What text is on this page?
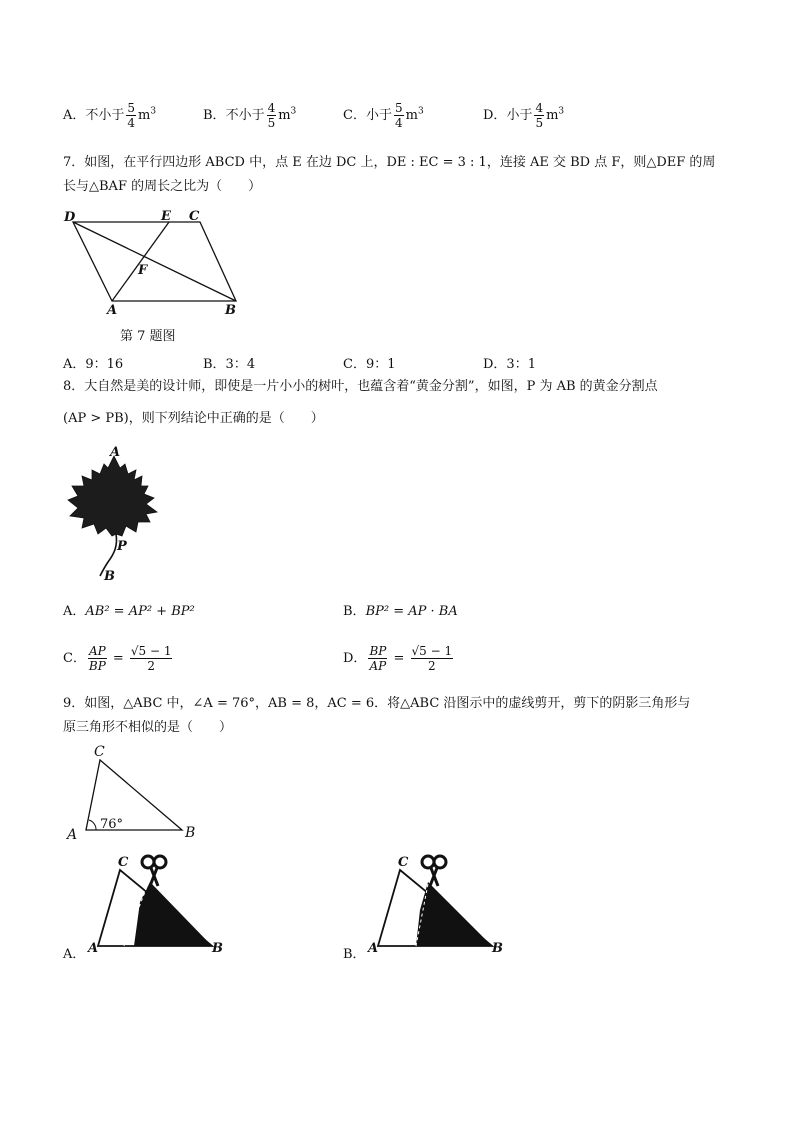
A．不小于 $\frac{5}{4} m^3$	B．不小于 $\frac{4}{5} m^3$	C．小于 $\frac{5}{4} m^3$	D．小于 $\frac{4}{5} m^3$
7．如图，在平行四边形 ABCD 中，点 E 在边 DC 上，DE : EC = 3 : 1，连接 AE 交 BD 点 F，则△DEF 的周
长与△BAF 的周长之比为（　　）
D	E C
F
A	B
第 7 题图
A．9：16	B．3：4	C．9：1	D．3：1
8．大自然是美的设计师，即使是一片小小的树叶，也蕴含着“黄金分割”，如图，P 为 AB 的黄金分割点
(AP > PB)，则下列结论中正确的是（　　）
A
P
B
A．AB² = AP² + BP²	B．BP² = AP · BA
C． $\frac{AP}{BP} = \frac{√5 - 1}{2}$	D． $\frac{BP}{AP} = \frac{√5 - 1}{2}$
9．如图，△ABC 中，∠A = 76°，AB = 8，AC = 6．将△ABC 沿图示中的虚线剪开，剪下的阴影三角形与
原三角形不相似的是（　　）
C
A	B
76°
A．
C
A	B	B．
C
A	B
